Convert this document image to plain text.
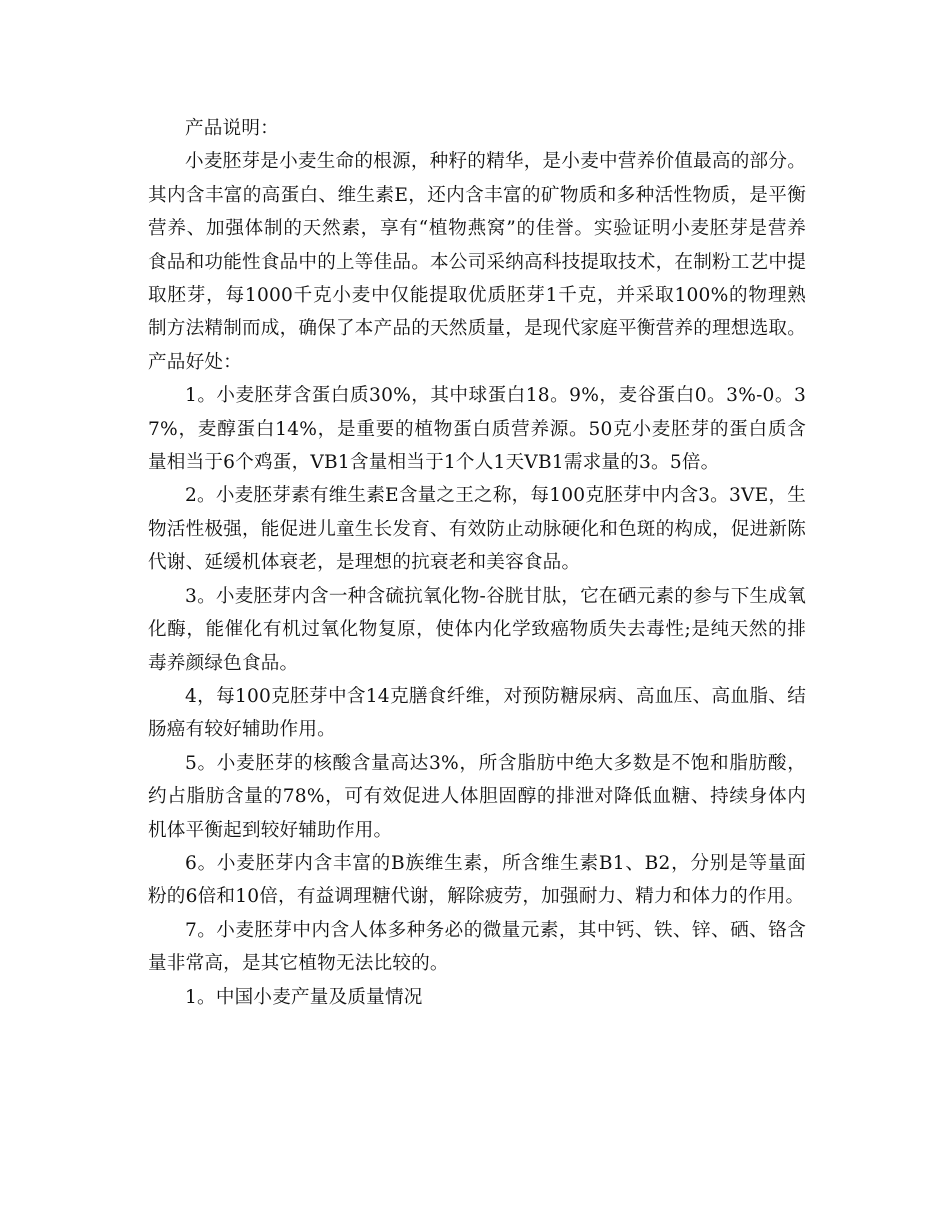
产品说明：

小麦胚芽是小麦生命的根源，种籽的精华，是小麦中营养价值最高的部分。其内含丰富的高蛋白、维生素E，还内含丰富的矿物质和多种活性物质，是平衡营养、加强体制的天然素，享有“植物燕窝”的佳誉。实验证明小麦胚芽是营养食品和功能性食品中的上等佳品。本公司采纳高科技提取技术，在制粉工艺中提取胚芽，每1000千克小麦中仅能提取优质胚芽1千克，并采取100%的物理熟制方法精制而成，确保了本产品的天然质量，是现代家庭平衡营养的理想选取。产品好处：

1。小麦胚芽含蛋白质30%，其中球蛋白18。9%，麦谷蛋白0。3%-0。37%，麦醇蛋白14%，是重要的植物蛋白质营养源。50克小麦胚芽的蛋白质含量相当于6个鸡蛋，VB1含量相当于1个人1天VB1需求量的3。5倍。

2。小麦胚芽素有维生素E含量之王之称，每100克胚芽中内含3。3VE，生物活性极强，能促进儿童生长发育、有效防止动脉硬化和色斑的构成，促进新陈代谢、延缓机体衰老，是理想的抗衰老和美容食品。

3。小麦胚芽内含一种含硫抗氧化物-谷胱甘肽，它在硒元素的参与下生成氧化酶，能催化有机过氧化物复原，使体内化学致癌物质失去毒性;是纯天然的排毒养颜绿色食品。

4，每100克胚芽中含14克膳食纤维，对预防糖尿病、高血压、高血脂、结肠癌有较好辅助作用。

5。小麦胚芽的核酸含量高达3%，所含脂肪中绝大多数是不饱和脂肪酸，约占脂肪含量的78%，可有效促进人体胆固醇的排泄对降低血糖、持续身体内机体平衡起到较好辅助作用。

6。小麦胚芽内含丰富的B族维生素，所含维生素B1、B2，分别是等量面粉的6倍和10倍，有益调理糖代谢，解除疲劳，加强耐力、精力和体力的作用。

7。小麦胚芽中内含人体多种务必的微量元素，其中钙、铁、锌、硒、铬含量非常高，是其它植物无法比较的。

1。中国小麦产量及质量情况
